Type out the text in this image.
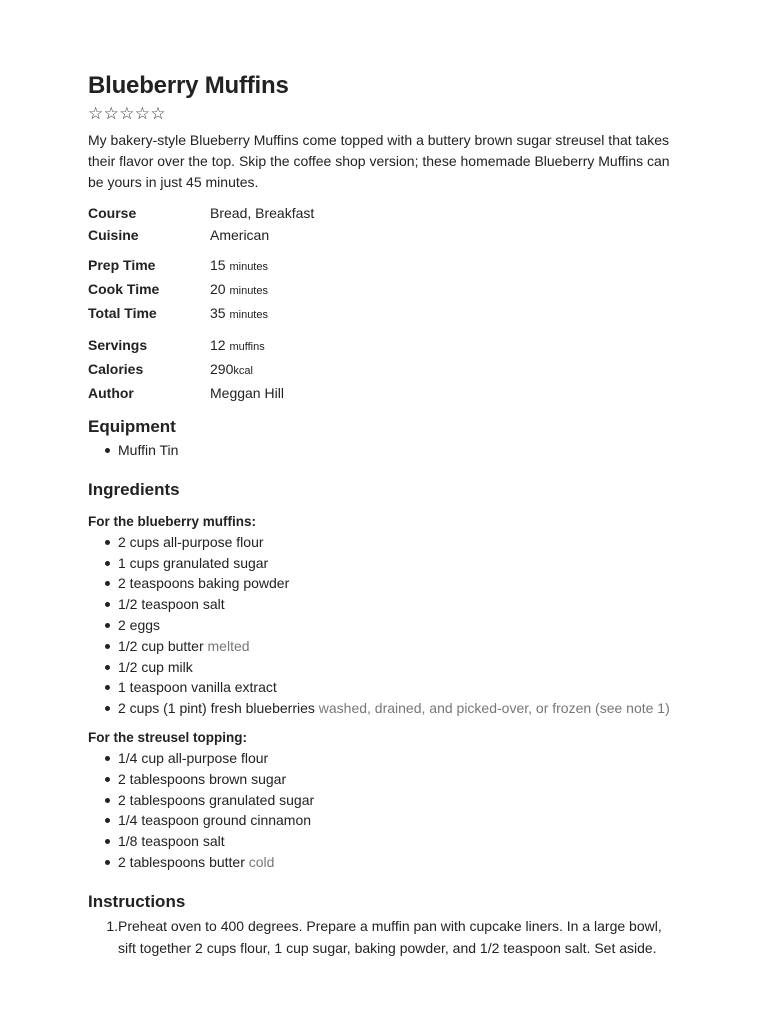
Blueberry Muffins
☆ ☆ ☆ ☆ ☆

My bakery-style Blueberry Muffins come topped with a buttery brown sugar streusel that takes their flavor over the top. Skip the coffee shop version; these homemade Blueberry Muffins can be yours in just 45 minutes.

Course	Bread, Breakfast
Cuisine	American
Prep Time	15 minutes
Cook Time	20 minutes
Total Time	35 minutes
Servings	12 muffins
Calories	290kcal
Author	Meggan Hill
Equipment
Muffin Tin
Ingredients
For the blueberry muffins:
2 cups all-purpose flour
1 cups granulated sugar
2 teaspoons baking powder
1/2 teaspoon salt
2 eggs
1/2 cup butter melted
1/2 cup milk
1 teaspoon vanilla extract
2 cups (1 pint) fresh blueberries washed, drained, and picked-over, or frozen (see note 1)
For the streusel topping:
1/4 cup all-purpose flour
2 tablespoons brown sugar
2 tablespoons granulated sugar
1/4 teaspoon ground cinnamon
1/8 teaspoon salt
2 tablespoons butter cold
Instructions
1. Preheat oven to 400 degrees. Prepare a muffin pan with cupcake liners. In a large bowl, sift together 2 cups flour, 1 cup sugar, baking powder, and 1/2 teaspoon salt. Set aside.
